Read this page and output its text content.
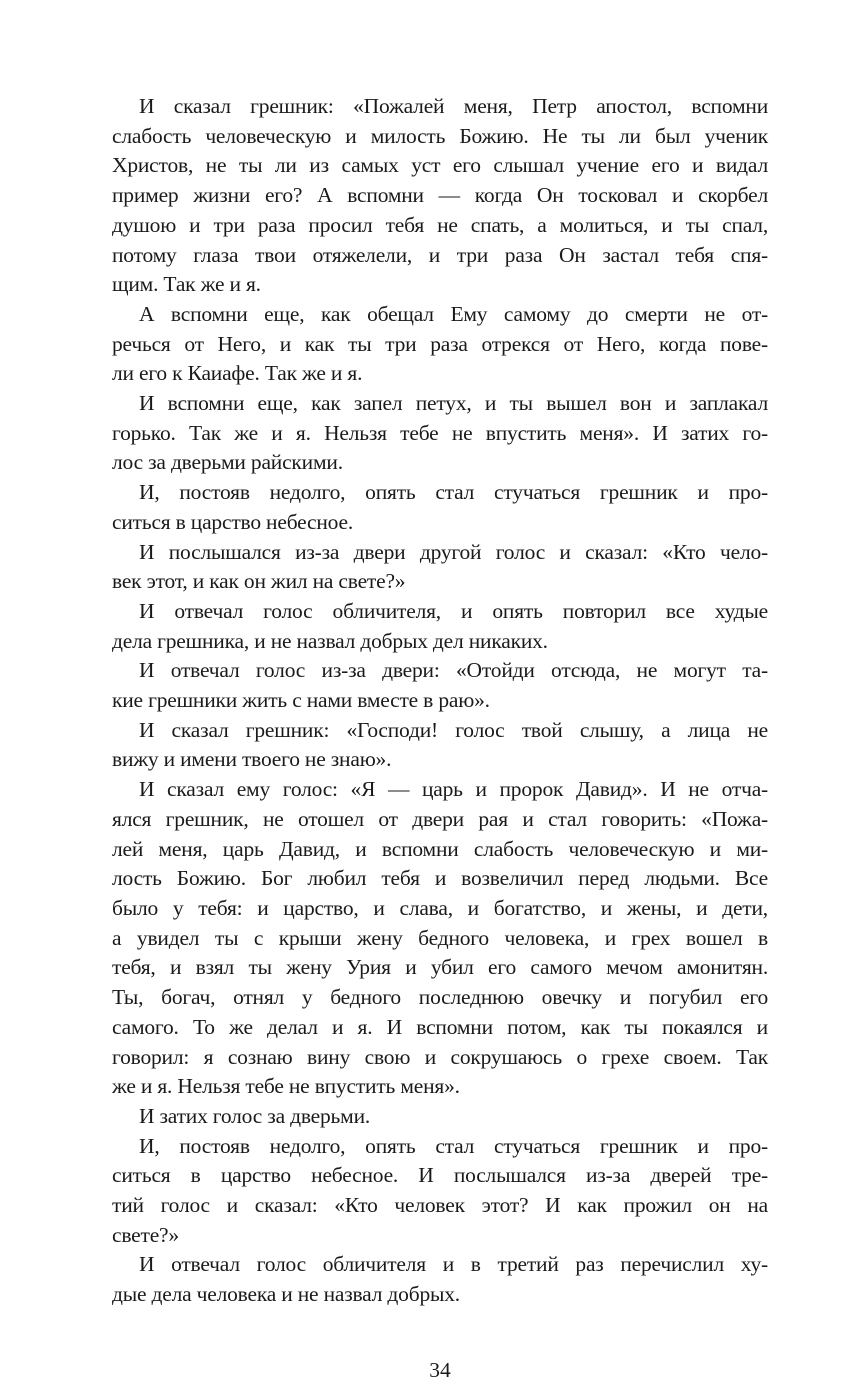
И сказал грешник: «Пожалей меня, Петр апостол, вспомни
слабость человеческую и милость Божию. Не ты ли был ученик
Христов, не ты ли из самых уст его слышал учение его и видал
пример жизни его? А вспомни — когда Он тосковал и скорбел
душою и три раза просил тебя не спать, а молиться, и ты спал,
потому глаза твои отяжелели, и три раза Он застал тебя спя-
щим. Так же и я.
А вспомни еще, как обещал Ему самому до смерти не от-
речься от Него, и как ты три раза отрекся от Него, когда пове-
ли его к Каиафе. Так же и я.
И вспомни еще, как запел петух, и ты вышел вон и заплакал
горько. Так же и я. Нельзя тебе не впустить меня». И затих го-
лос за дверьми райскими.
И, постояв недолго, опять стал стучаться грешник и про-
ситься в царство небесное.
И послышался из-за двери другой голос и сказал: «Кто чело-
век этот, и как он жил на свете?»
И отвечал голос обличителя, и опять повторил все худые
дела грешника, и не назвал добрых дел никаких.
И отвечал голос из-за двери: «Отойди отсюда, не могут та-
кие грешники жить с нами вместе в раю».
И сказал грешник: «Господи! голос твой слышу, а лица не
вижу и имени твоего не знаю».
И сказал ему голос: «Я — царь и пророк Давид». И не отча-
ялся грешник, не отошел от двери рая и стал говорить: «Пожа-
лей меня, царь Давид, и вспомни слабость человеческую и ми-
лость Божию. Бог любил тебя и возвеличил перед людьми. Все
было у тебя: и царство, и слава, и богатство, и жены, и дети,
а увидел ты с крыши жену бедного человека, и грех вошел в
тебя, и взял ты жену Урия и убил его самого мечом амонитян.
Ты, богач, отнял у бедного последнюю овечку и погубил его
самого. То же делал и я. И вспомни потом, как ты покаялся и
говорил: я сознаю вину свою и сокрушаюсь о грехе своем. Так
же и я. Нельзя тебе не впустить меня».
И затих голос за дверьми.
И, постояв недолго, опять стал стучаться грешник и про-
ситься в царство небесное. И послышался из-за дверей тре-
тий голос и сказал: «Кто человек этот? И как прожил он на
свете?»
И отвечал голос обличителя и в третий раз перечислил ху-
дые дела человека и не назвал добрых.
34
